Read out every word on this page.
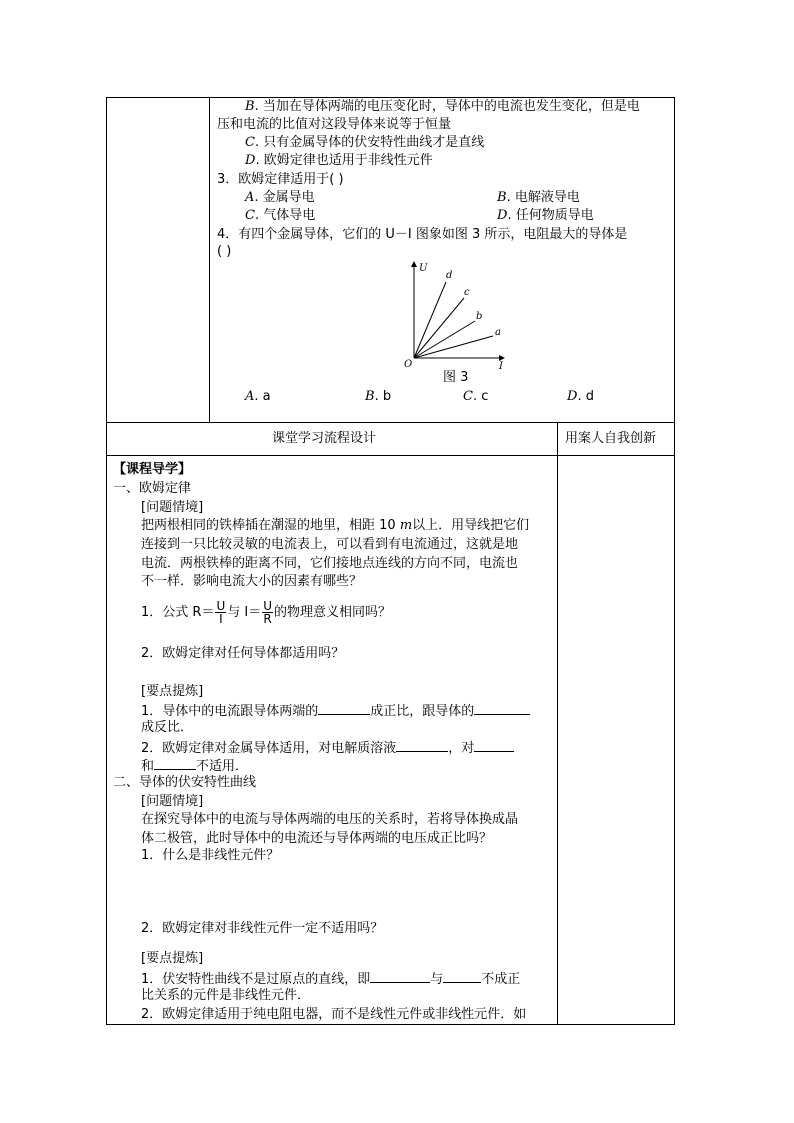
B. 当加在导体两端的电压变化时，导体中的电流也发生变化，但是电
压和电流的比值对这段导体来说等于恒量
C. 只有金属导体的伏安特性曲线才是直线
D. 欧姆定律也适用于非线性元件
3．欧姆定律适用于( )
A. 金属导电	B. 电解液导电
C. 气体导电	D. 任何物质导电
4．有四个金属导体，它们的 U－I 图象如图 3 所示，电阻最大的导体是
( )
U
I
O
d
c
b
a
图 3
A. a	B. b	C. c	D. d
课堂学习流程设计	用案人自我创新
【课程导学】
一、欧姆定律
[问题情境]
把两根相同的铁棒插在潮湿的地里，相距 10 m以上．用导线把它们
连接到一只比较灵敏的电流表上，可以看到有电流通过，这就是地
电流．两根铁棒的距离不同，它们接地点连线的方向不同，电流也
不一样．影响电流大小的因素有哪些？
1．公式 $R= \frac{U}{I}$ 与 $I= \frac{U}{R}$ 的物理意义相同吗？
2．欧姆定律对任何导体都适用吗？
[要点提炼]
1．导体中的电流跟导体两端的	成正比，跟导体的
成反比．
2．欧姆定律对金属导体适用，对电解质溶液	，对
和	不适用．
二、导体的伏安特性曲线
[问题情境]
在探究导体中的电流与导体两端的电压的关系时，若将导体换成晶
体二极管，此时导体中的电流还与导体两端的电压成正比吗？
1．什么是非线性元件？
2．欧姆定律对非线性元件一定不适用吗？
[要点提炼]
1．伏安特性曲线不是过原点的直线，即	与	不成正
比关系的元件是非线性元件．
2．欧姆定律适用于纯电阻电器，而不是线性元件或非线性元件．如
